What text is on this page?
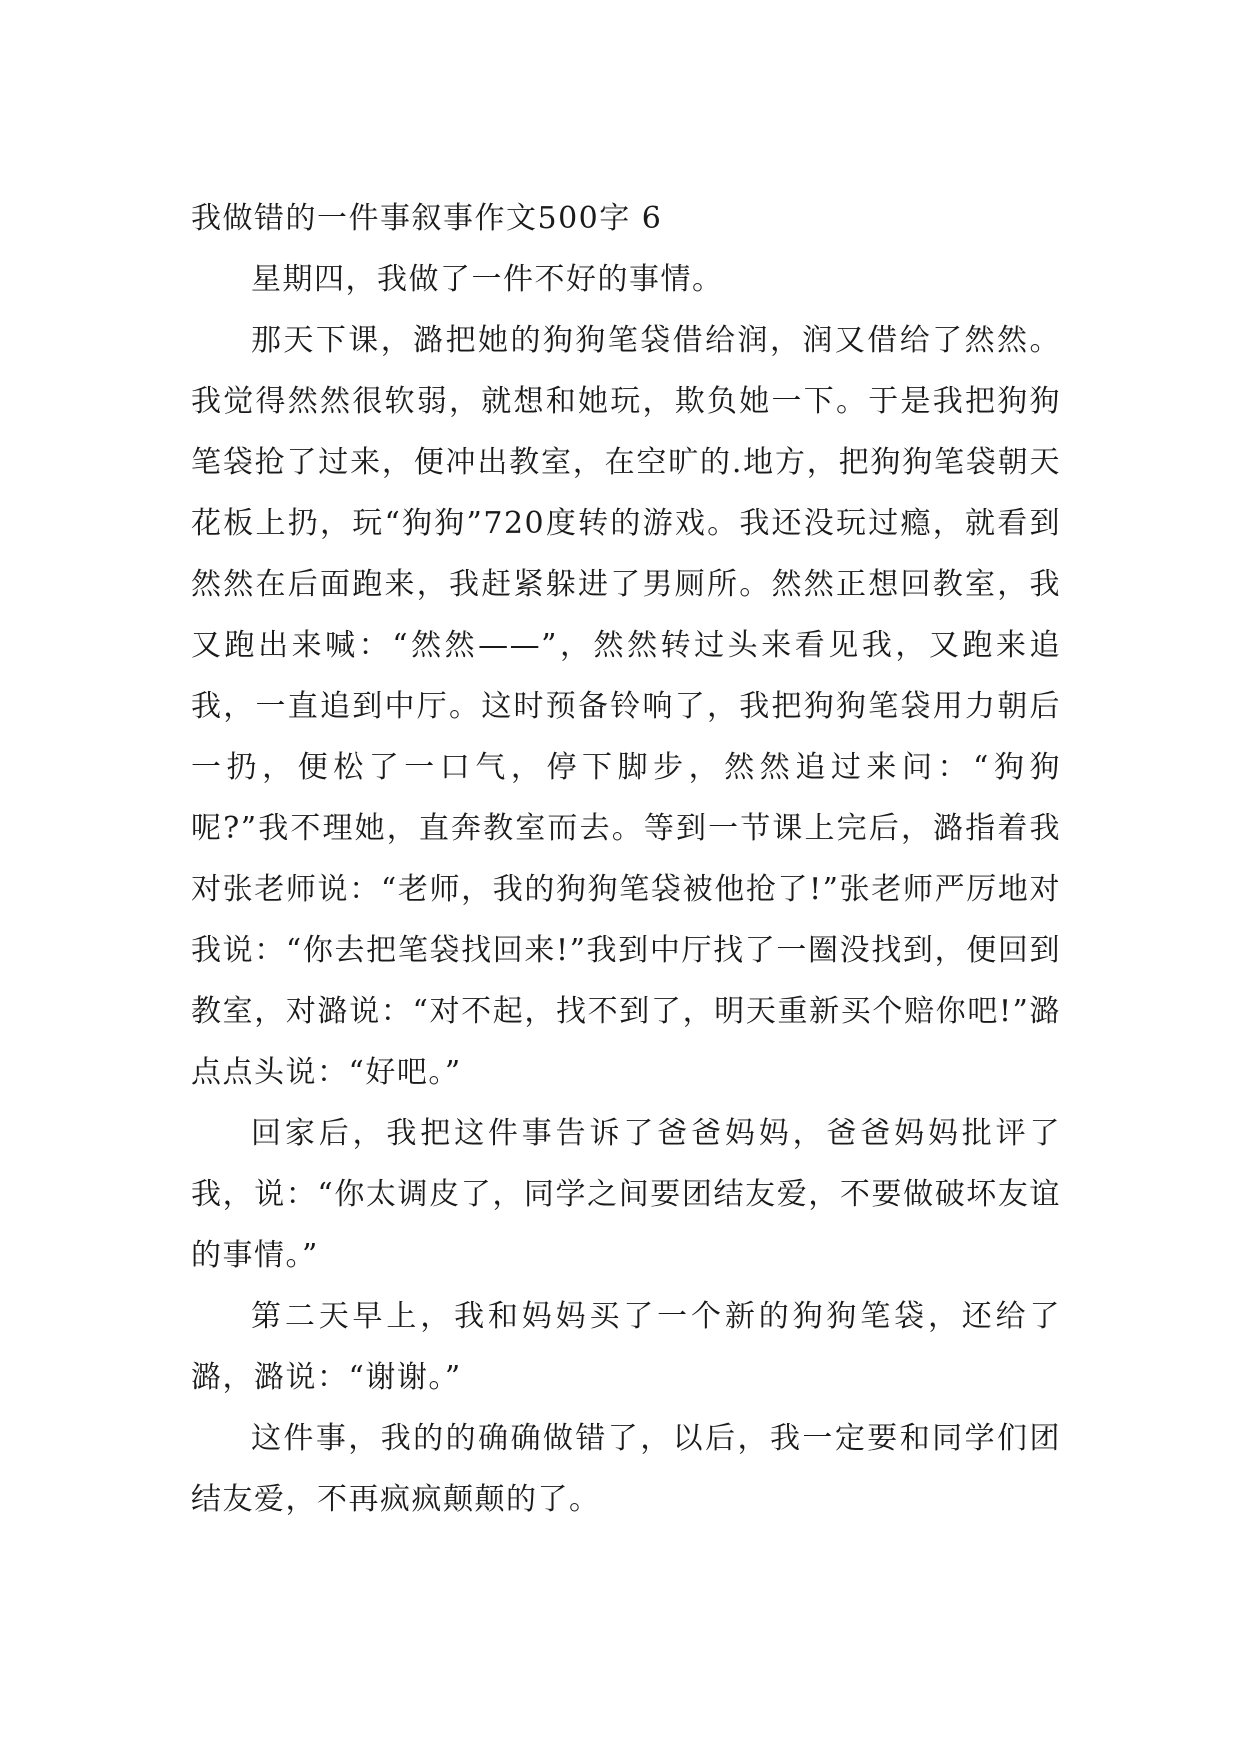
我做错的一件事叙事作文500字 6

星期四，我做了一件不好的事情。

那天下课，潞把她的狗狗笔袋借给润，润又借给了然然。我觉得然然很软弱，就想和她玩，欺负她一下。于是我把狗狗笔袋抢了过来，便冲出教室，在空旷的.地方，把狗狗笔袋朝天花板上扔，玩“狗狗”720度转的游戏。我还没玩过瘾，就看到然然在后面跑来，我赶紧躲进了男厕所。然然正想回教室，我又跑出来喊：“然然——”，然然转过头来看见我，又跑来追我，一直追到中厅。这时预备铃响了，我把狗狗笔袋用力朝后一扔，便松了一口气，停下脚步，然然追过来问：“狗狗呢?”我不理她，直奔教室而去。等到一节课上完后，潞指着我对张老师说：“老师，我的狗狗笔袋被他抢了!”张老师严厉地对我说：“你去把笔袋找回来!”我到中厅找了一圈没找到，便回到教室，对潞说：“对不起，找不到了，明天重新买个赔你吧!”潞点点头说：“好吧。”

回家后，我把这件事告诉了爸爸妈妈，爸爸妈妈批评了我，说：“你太调皮了，同学之间要团结友爱，不要做破坏友谊的事情。”

第二天早上，我和妈妈买了一个新的狗狗笔袋，还给了潞，潞说：“谢谢。”

这件事，我的的确确做错了，以后，我一定要和同学们团结友爱，不再疯疯颠颠的了。
